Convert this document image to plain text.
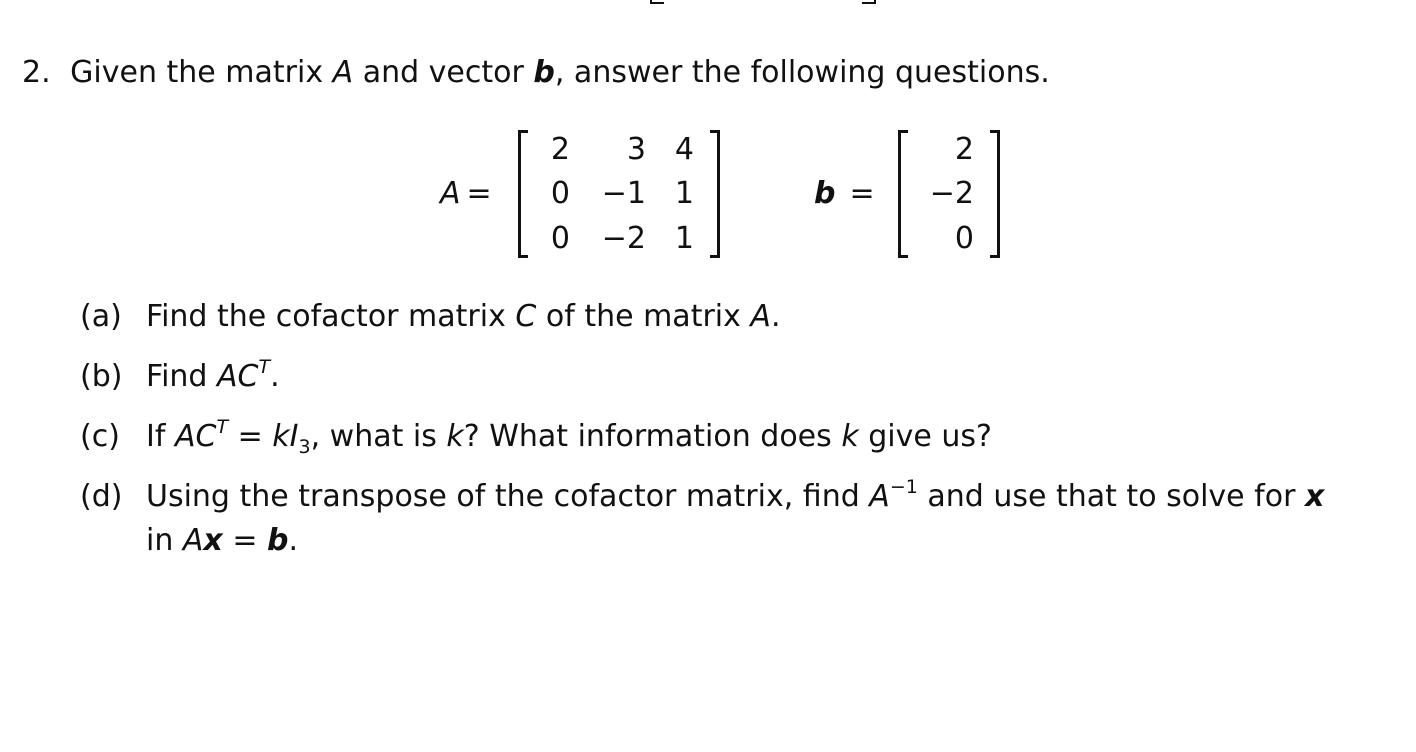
2. Given the matrix A and vector b, answer the following questions.
A =
2	3 4
0 −1 1
0 −2 1
b =
2
−2
0
(a) Find the cofactor matrix C of the matrix A.
(b) Find $AC^T$.
(c) If $AC^T = kI_3$, what is k? What information does k give us?
(d) Using the transpose of the cofactor matrix, find $A^{-1}$ and use that to solve for x
in Ax = b.
